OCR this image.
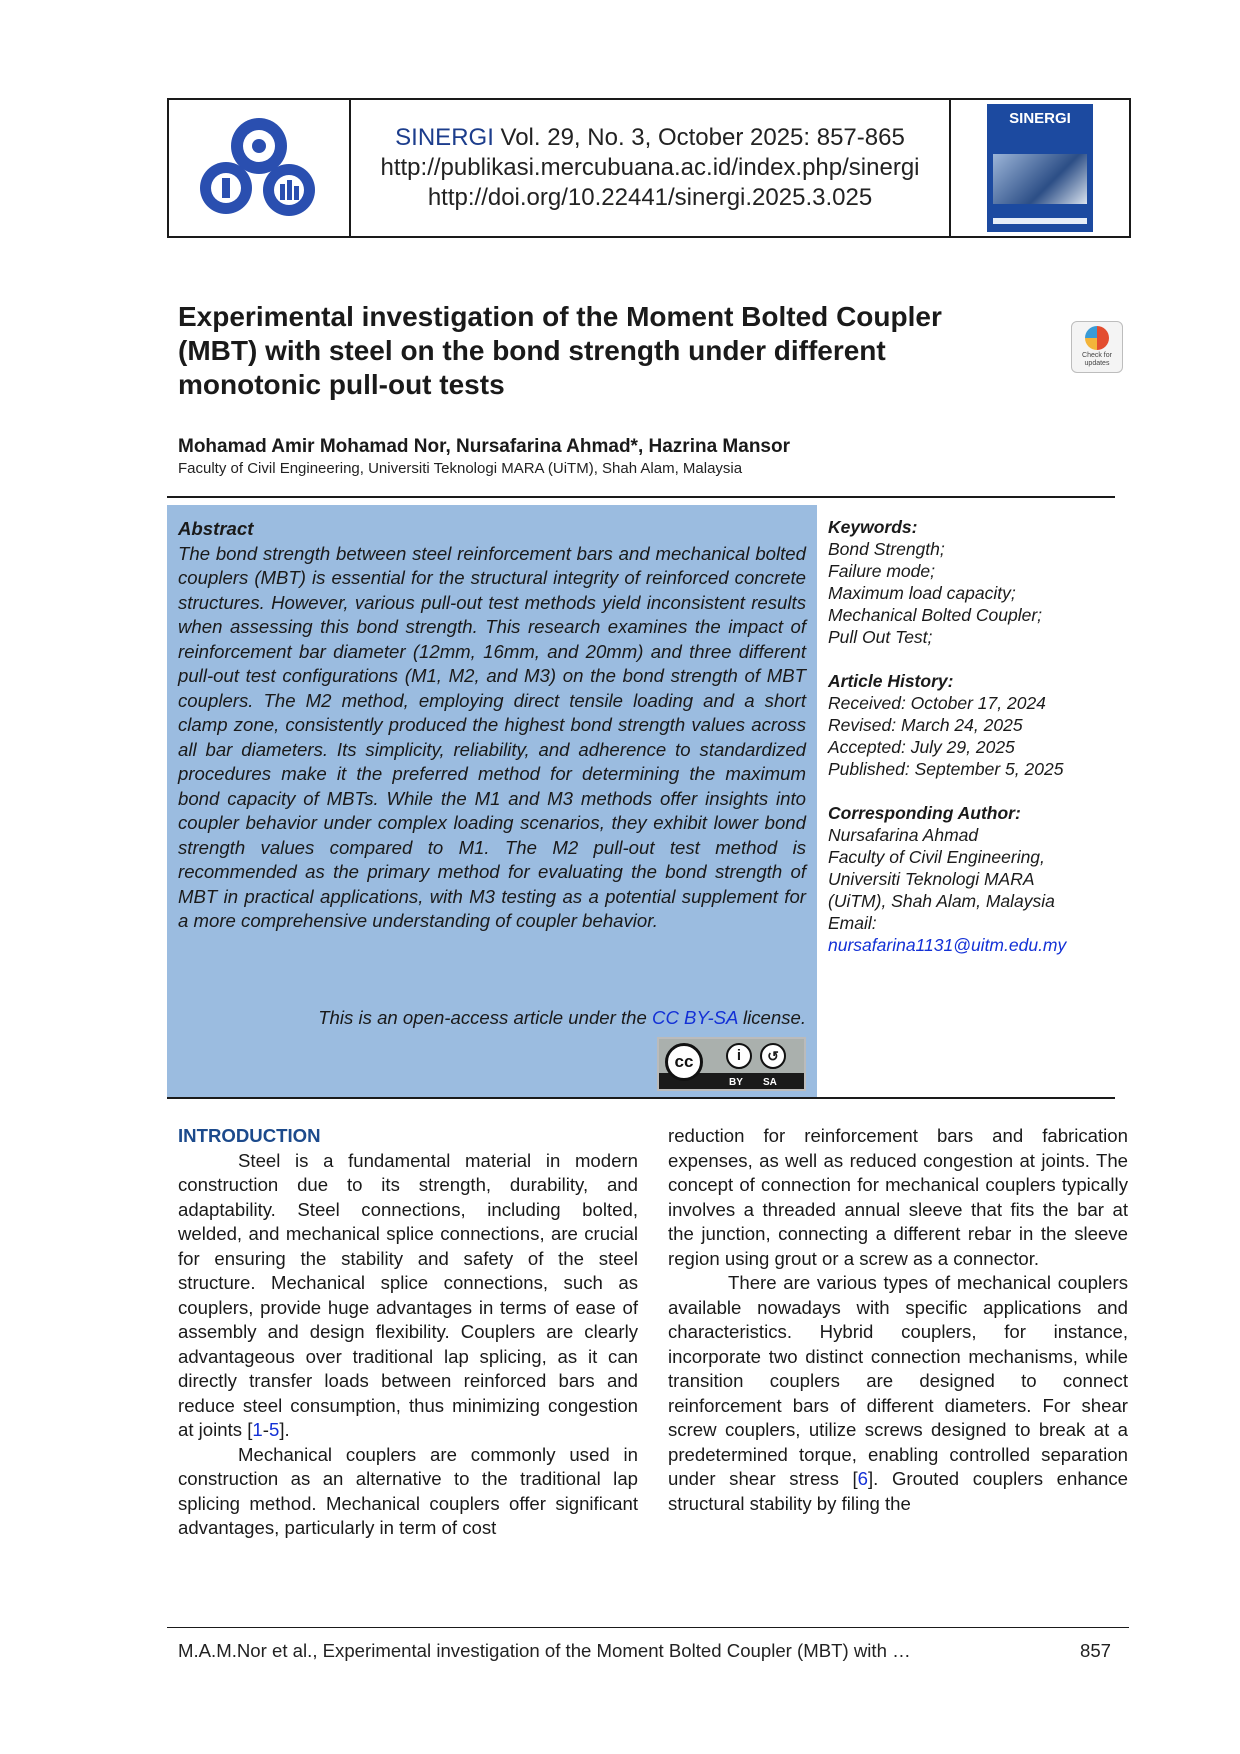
SINERGI Vol. 29, No. 3, October 2025: 857-865
http://publikasi.mercubuana.ac.id/index.php/sinergi
http://doi.org/10.22441/sinergi.2025.3.025
SINERGI
Experimental investigation of the Moment Bolted Coupler (MBT) with steel on the bond strength under different monotonic pull-out tests
Check for updates
Mohamad Amir Mohamad Nor, Nursafarina Ahmad*, Hazrina Mansor
Faculty of Civil Engineering, Universiti Teknologi MARA (UiTM), Shah Alam, Malaysia
Abstract
The bond strength between steel reinforcement bars and mechanical bolted couplers (MBT) is essential for the structural integrity of reinforced concrete structures. However, various pull-out test methods yield inconsistent results when assessing this bond strength. This research examines the impact of reinforcement bar diameter (12mm, 16mm, and 20mm) and three different pull-out test configurations (M1, M2, and M3) on the bond strength of MBT couplers. The M2 method, employing direct tensile loading and a short clamp zone, consistently produced the highest bond strength values across all bar diameters. Its simplicity, reliability, and adherence to standardized procedures make it the preferred method for determining the maximum bond capacity of MBTs. While the M1 and M3 methods offer insights into coupler behavior under complex loading scenarios, they exhibit lower bond strength values compared to M1. The M2 pull-out test method is recommended as the primary method for evaluating the bond strength of MBT in practical applications, with M3 testing as a potential supplement for a more comprehensive understanding of coupler behavior.
This is an open-access article under the CC BY-SA license.
cc	i	↺
BY SA
Keywords:
Bond Strength;
Failure mode;
Maximum load capacity;
Mechanical Bolted Coupler;
Pull Out Test;
Article History:
Received: October 17, 2024
Revised: March 24, 2025
Accepted: July 29, 2025
Published: September 5, 2025
Corresponding Author:
Nursafarina Ahmad
Faculty of Civil Engineering,
Universiti Teknologi MARA
(UiTM), Shah Alam, Malaysia
Email:
nursafarina1131@uitm.edu.my
INTRODUCTION

Steel is a fundamental material in modern construction due to its strength, durability, and adaptability. Steel connections, including bolted, welded, and mechanical splice connections, are crucial for ensuring the stability and safety of the steel structure. Mechanical splice connections, such as couplers, provide huge advantages in terms of ease of assembly and design flexibility. Couplers are clearly advantageous over traditional lap splicing, as it can directly transfer loads between reinforced bars and reduce steel consumption, thus minimizing congestion at joints [1-5].

Mechanical couplers are commonly used in construction as an alternative to the traditional lap splicing method. Mechanical couplers offer significant advantages, particularly in term of cost

reduction for reinforcement bars and fabrication expenses, as well as reduced congestion at joints. The concept of connection for mechanical couplers typically involves a threaded annual sleeve that fits the bar at the junction, connecting a different rebar in the sleeve region using grout or a screw as a connector.

There are various types of mechanical couplers available nowadays with specific applications and characteristics. Hybrid couplers, for instance, incorporate two distinct connection mechanisms, while transition couplers are designed to connect reinforcement bars of different diameters. For shear screw couplers, utilize screws designed to break at a predetermined torque, enabling controlled separation under shear stress [6]. Grouted couplers enhance structural stability by filing the

M.A.M.Nor et al., Experimental investigation of the Moment Bolted Coupler (MBT) with …	857
